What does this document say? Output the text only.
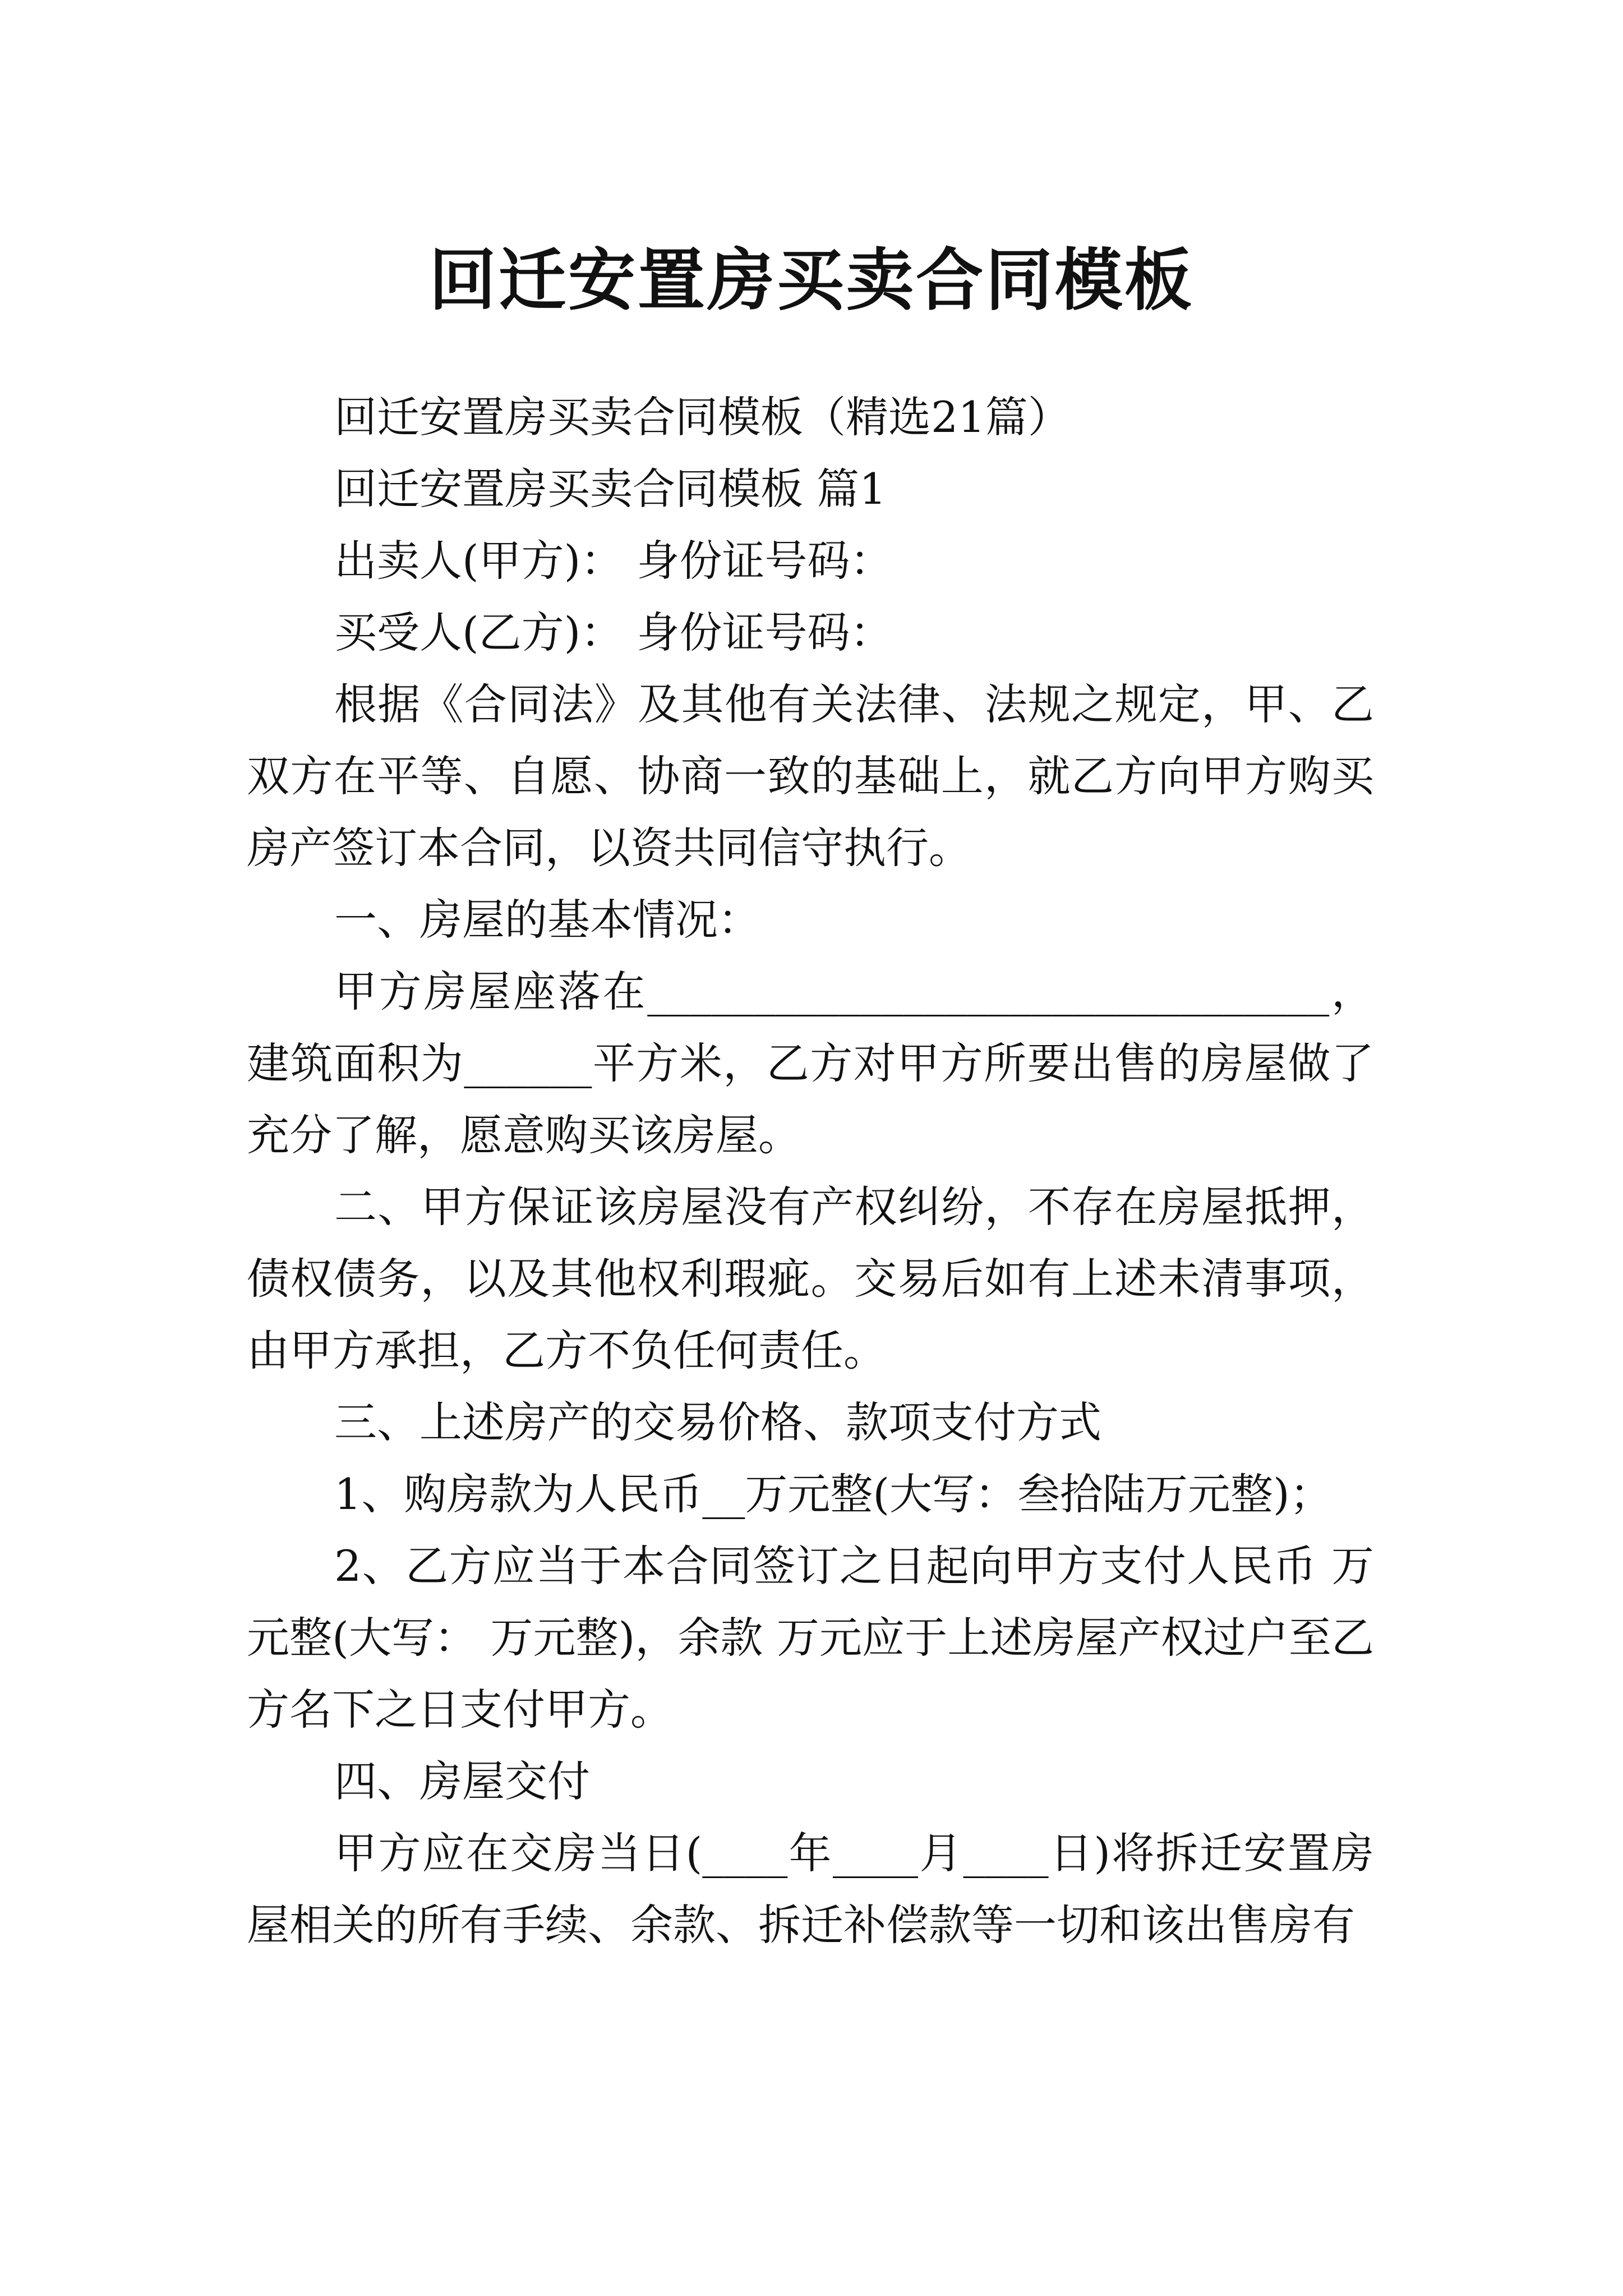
回迁安置房买卖合同模板

回迁安置房买卖合同模板（精选21篇）

回迁安置房买卖合同模板 篇1

出卖人(甲方)： 身份证号码：

买受人(乙方)： 身份证号码：

根据《合同法》及其他有关法律、法规之规定，甲、乙双方在平等、自愿、协商一致的基础上，就乙方向甲方购买房产签订本合同，以资共同信守执行。

一、房屋的基本情况：

甲方房屋座落在________________________________，建筑面积为______平方米，乙方对甲方所要出售的房屋做了充分了解，愿意购买该房屋。

二、甲方保证该房屋没有产权纠纷，不存在房屋抵押，债权债务，以及其他权利瑕疵。交易后如有上述未清事项，由甲方承担，乙方不负任何责任。

三、上述房产的交易价格、款项支付方式

1、购房款为人民币__万元整(大写：叁拾陆万元整)；

2、乙方应当于本合同签订之日起向甲方支付人民币 万元整(大写： 万元整)，余款 万元应于上述房屋产权过户至乙方名下之日支付甲方。

四、房屋交付

甲方应在交房当日(____年____月____日)将拆迁安置房屋相关的所有手续、余款、拆迁补偿款等一切和该出售房有
